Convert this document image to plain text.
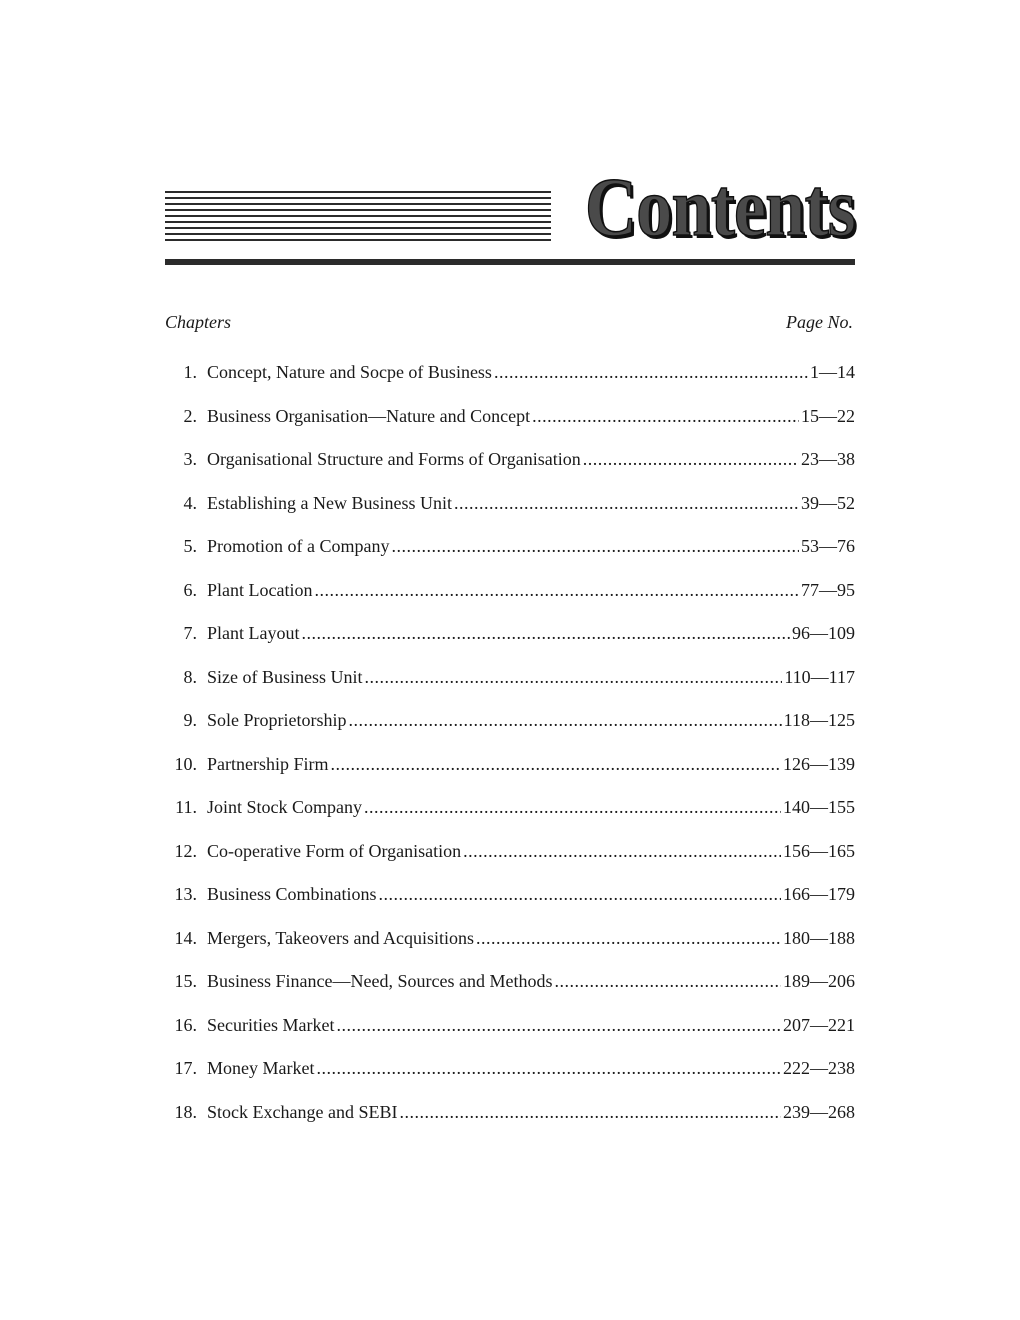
Contents
Chapters	Page No.
1. Concept, Nature and Socpe of Business .....	1—14
2. Business Organisation—Nature and Concept .....	15—22
3. Organisational Structure and Forms of Organisation .....	23—38
4. Establishing a New Business Unit .....	39—52
5. Promotion of a Company .....	53—76
6. Plant Location .....	77—95
7. Plant Layout .....	96—109
8. Size of Business Unit .....	110—117
9. Sole Proprietorship .....	118—125
10. Partnership Firm .....	126—139
11. Joint Stock Company .....	140—155
12. Co-operative Form of Organisation .....	156—165
13. Business Combinations .....	166—179
14. Mergers, Takeovers and Acquisitions .....	180—188
15. Business Finance—Need, Sources and Methods .....	189—206
16. Securities Market .....	207—221
17. Money Market .....	222—238
18. Stock Exchange and SEBI .....	239—268
